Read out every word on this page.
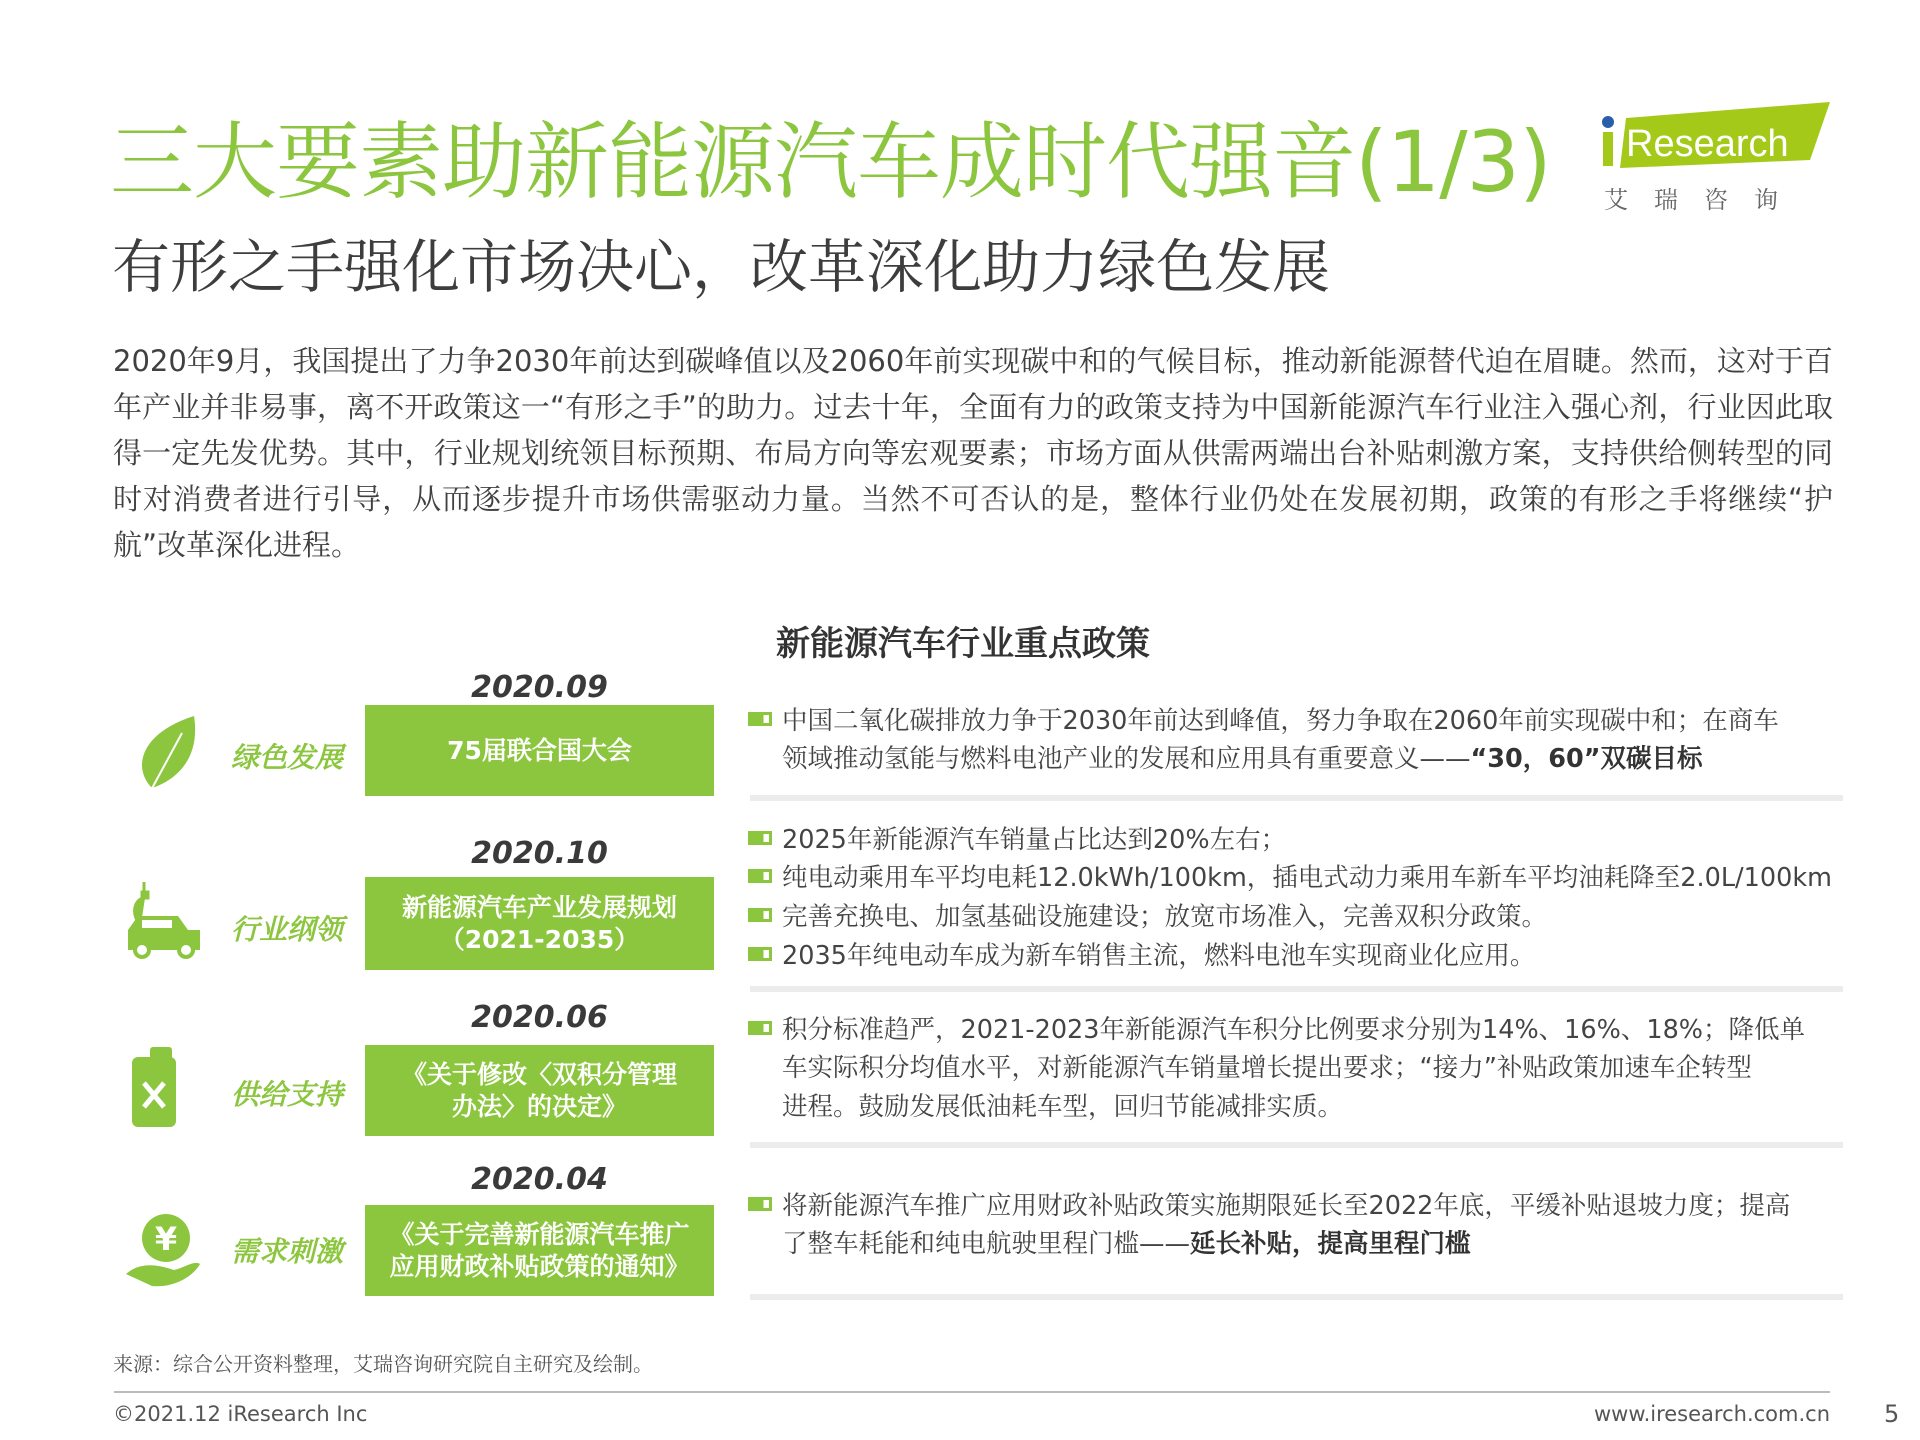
三大要素助新能源汽车成时代强音(1/3) Research
艾瑞咨询
有形之手强化市场决心，改革深化助力绿色发展
2020年9月，我国提出了力争2030年前达到碳峰值以及2060年前实现碳中和的气候目标，推动新能源替代迫在眉睫。然而，这对于百年产业并非易事，离不开政策这一“有形之手”的助力。过去十年，全面有力的政策支持为中国新能源汽车行业注入强心剂，行业因此取得一定先发优势。其中，行业规划统领目标预期、布局方向等宏观要素；市场方面从供需两端出台补贴刺激方案，支持供给侧转型的同时对消费者进行引导，从而逐步提升市场供需驱动力量。当然不可否认的是，整体行业仍处在发展初期，政策的有形之手将继续“护航”改革深化进程。
新能源汽车行业重点政策
绿色发展
2020.09
75届联合国大会
中国二氧化碳排放力争于2030年前达到峰值，努力争取在2060年前实现碳中和；在商车
领域推动氢能与燃料电池产业的发展和应用具有重要意义——“30，60”双碳目标
行业纲领
2020.10
新能源汽车产业发展规划
（2021-2035）
2025年新能源汽车销量占比达到20%左右；
纯电动乘用车平均电耗12.0kWh/100km，插电式动力乘用车新车平均油耗降至2.0L/100km
完善充换电、加氢基础设施建设；放宽市场准入，完善双积分政策。
2035年纯电动车成为新车销售主流，燃料电池车实现商业化应用。
供给支持
2020.06
《关于修改〈双积分管理
办法〉的决定》
积分标准趋严，2021-2023年新能源汽车积分比例要求分别为14%、16%、18%；降低单
车实际积分均值水平，对新能源汽车销量增长提出要求；“接力”补贴政策加速车企转型
进程。鼓励发展低油耗车型，回归节能减排实质。
¥	需求刺激
2020.04
《关于完善新能源汽车推广
应用财政补贴政策的通知》
将新能源汽车推广应用财政补贴政策实施期限延长至2022年底，平缓补贴退坡力度；提高
了整车耗能和纯电航驶里程门槛——延长补贴，提高里程门槛
来源：综合公开资料整理，艾瑞咨询研究院自主研究及绘制。
©2021.12 iResearch Inc	www.iresearch.com.cn 5
